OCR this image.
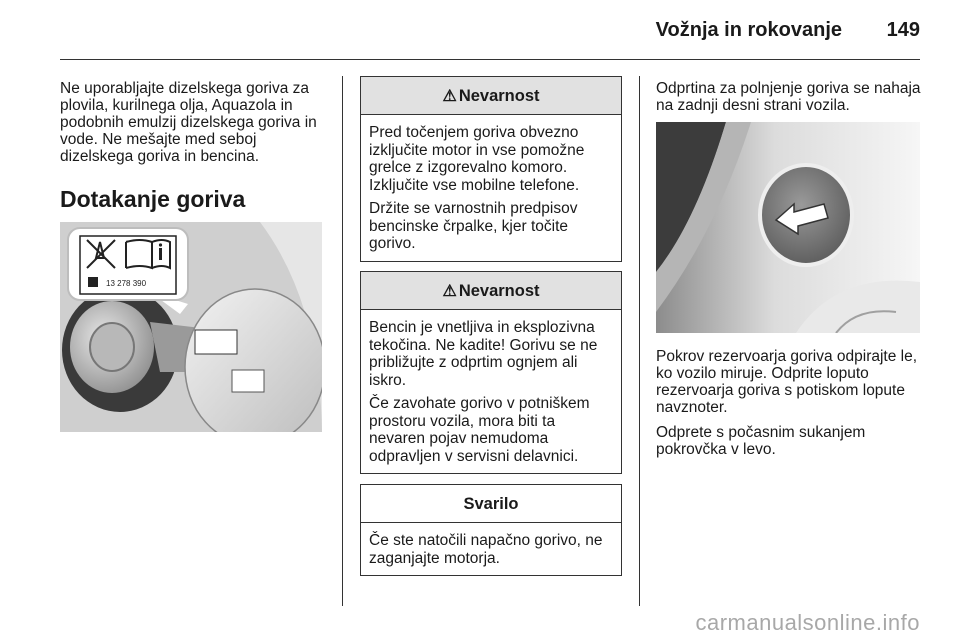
Vožnja in rokovanje 149

Ne uporabljajte dizelskega goriva za plovila, kurilnega olja, Aquazola in podobnih emulzij dizelskega goriva in vode. Ne mešajte med seboj dizelskega goriva in bencina.

Dotakanje goriva
13 278 390
⚠ Nevarnost

Pred točenjem goriva obvezno izključite motor in vse pomožne grelce z izgorevalno komoro. Izključite vse mobilne telefone.

Držite se varnostnih predpisov bencinske črpalke, kjer točite gorivo.

⚠ Nevarnost

Bencin je vnetljiva in eksplozivna tekočina. Ne kadite! Gorivu se ne približujte z odprtim ognjem ali iskro.

Če zavohate gorivo v potniškem prostoru vozila, mora biti ta nevaren pojav nemudoma odpravljen v servisni delavnici.

Svarilo

Če ste natočili napačno gorivo, ne zaganjajte motorja.

Odprtina za polnjenje goriva se nahaja na zadnji desni strani vozila.

Pokrov rezervoarja goriva odpirajte le, ko vozilo miruje. Odprite loputo rezervoarja goriva s potiskom lopute navznoter.

Odprete s počasnim sukanjem pokrovčka v levo.

carmanualsonline.info
